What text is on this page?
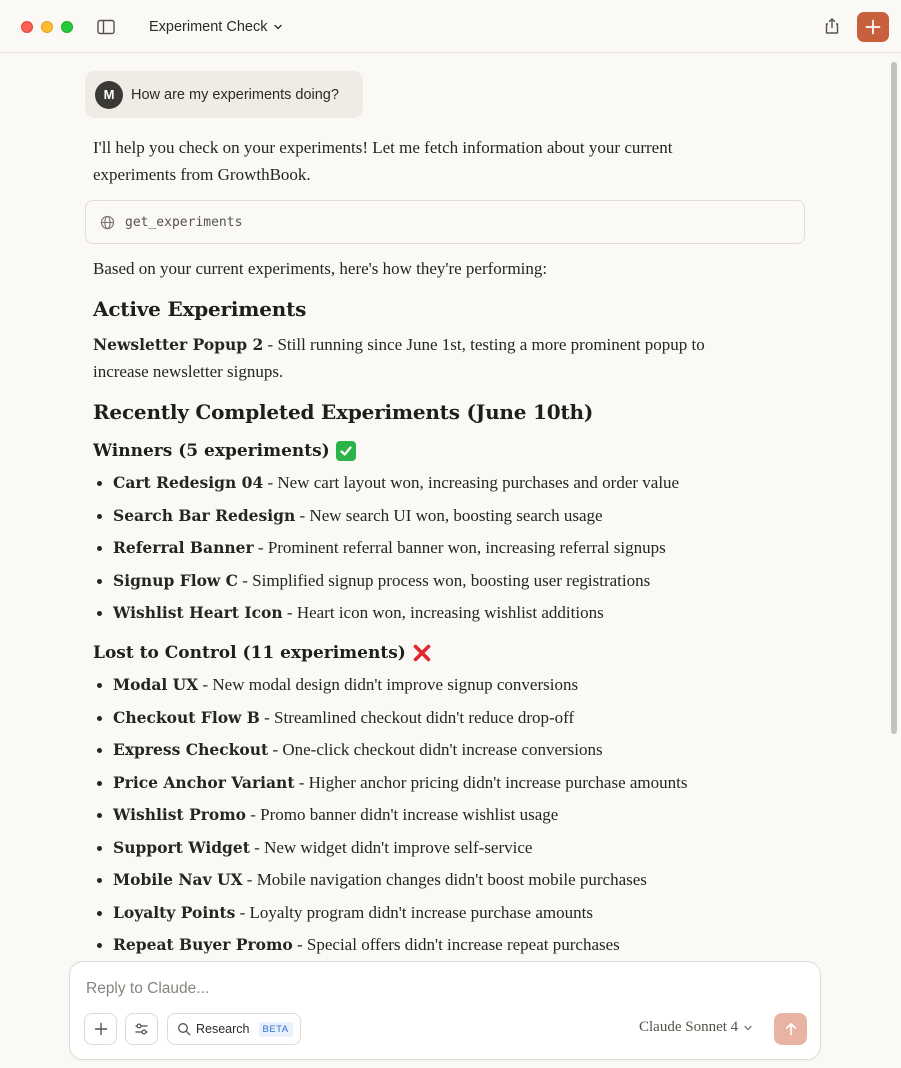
Experiment Check
M	How are my experiments doing?
I'll help you check on your experiments! Let me fetch information about your current experiments from GrowthBook.
get_experiments
Based on your current experiments, here's how they're performing:
Active Experiments
Newsletter Popup 2 - Still running since June 1st, testing a more prominent popup to increase newsletter signups.
Recently Completed Experiments (June 10th)
Winners (5 experiments)
Cart Redesign 04 - New cart layout won, increasing purchases and order value
Search Bar Redesign - New search UI won, boosting search usage
Referral Banner - Prominent referral banner won, increasing referral signups
Signup Flow C - Simplified signup process won, boosting user registrations
Wishlist Heart Icon - Heart icon won, increasing wishlist additions
Lost to Control (11 experiments)
Modal UX - New modal design didn't improve signup conversions
Checkout Flow B - Streamlined checkout didn't reduce drop-off
Express Checkout - One-click checkout didn't increase conversions
Price Anchor Variant - Higher anchor pricing didn't increase purchase amounts
Wishlist Promo - Promo banner didn't increase wishlist usage
Support Widget - New widget didn't improve self-service
Mobile Nav UX - Mobile navigation changes didn't boost mobile purchases
Loyalty Points - Loyalty program didn't increase purchase amounts
Repeat Buyer Promo - Special offers didn't increase repeat purchases
Reply to Claude...
Research	BETA	Claude Sonnet 4
